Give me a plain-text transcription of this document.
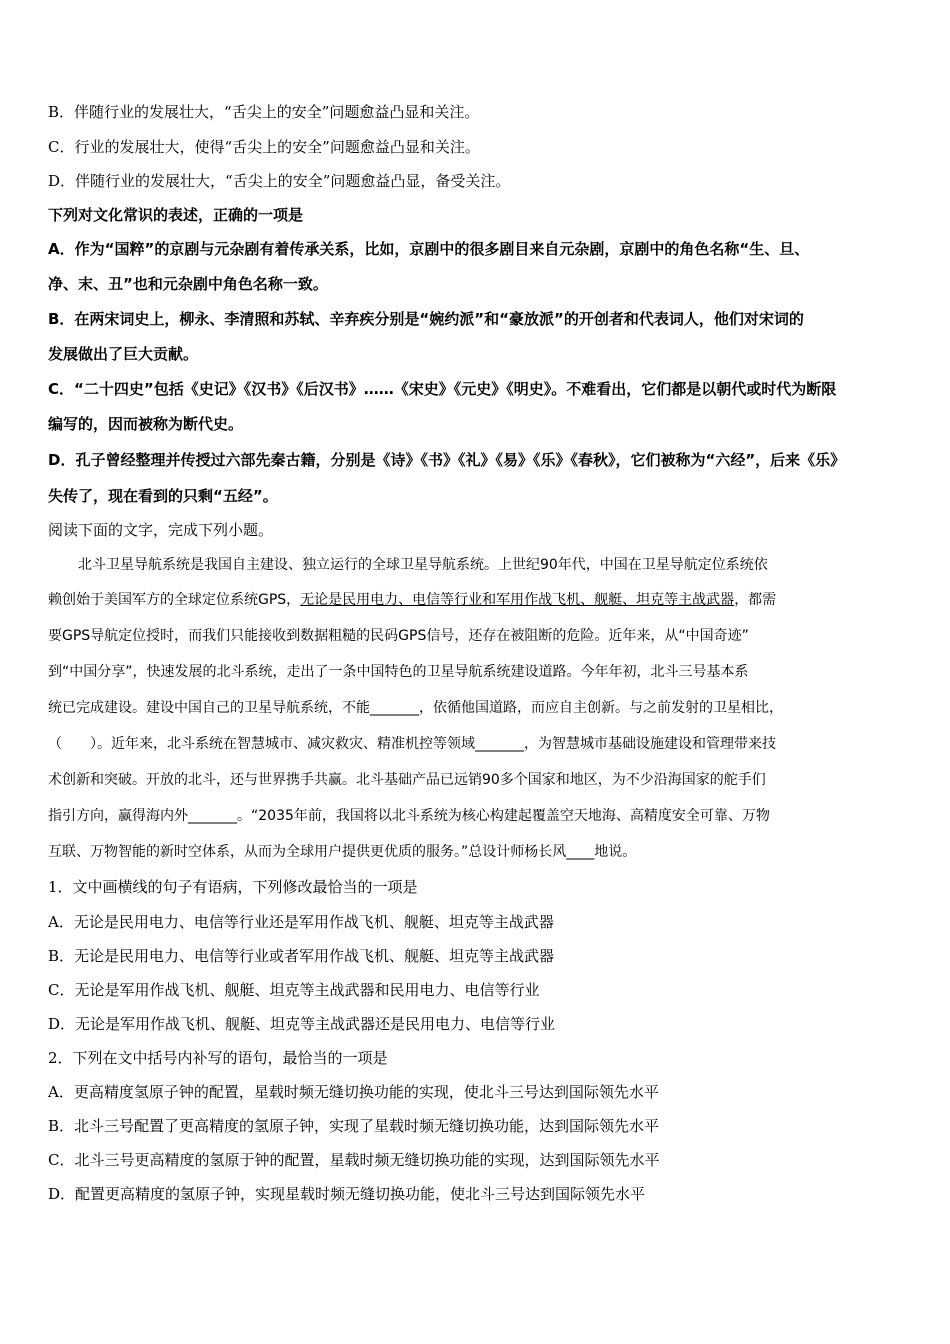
B．伴随行业的发展壮大，“舌尖上的安全”问题愈益凸显和关注。
C．行业的发展壮大，使得“舌尖上的安全”问题愈益凸显和关注。
D．伴随行业的发展壮大，“舌尖上的安全”问题愈益凸显，备受关注。
下列对文化常识的表述，正确的一项是
A．作为“国粹”的京剧与元杂剧有着传承关系，比如，京剧中的很多剧目来自元杂剧，京剧中的角色名称“生、旦、
净、末、丑”也和元杂剧中角色名称一致。
B．在两宋词史上，柳永、李清照和苏轼、辛弃疾分别是“婉约派”和“豪放派”的开创者和代表词人，他们对宋词的
发展做出了巨大贡献。
C．“二十四史”包括《史记》《汉书》《后汉书》……《宋史》《元史》《明史》。不难看出，它们都是以朝代或时代为断限
编写的，因而被称为断代史。
D．孔子曾经整理并传授过六部先秦古籍，分别是《诗》《书》《礼》《易》《乐》《春秋》，它们被称为“六经”，后来《乐》
失传了，现在看到的只剩“五经”。
阅读下面的文字，完成下列小题。
北斗卫星导航系统是我国自主建设、独立运行的全球卫星导航系统。上世纪90年代，中国在卫星导航定位系统依
赖创始于美国军方的全球定位系统GPS，无论是民用电力、电信等行业和军用作战飞机、舰艇、坦克等主战武器，都需
要GPS导航定位授时，而我们只能接收到数据粗糙的民码GPS信号，还存在被阻断的危险。近年来，从“中国奇迹”
到“中国分享”，快速发展的北斗系统，走出了一条中国特色的卫星导航系统建设道路。今年年初，北斗三号基本系
统已完成建设。建设中国自己的卫星导航系统，不能_______，依循他国道路，而应自主创新。与之前发射的卫星相比，
（　　）。近年来，北斗系统在智慧城市、减灾救灾、精准机控等领域_______，为智慧城市基础设施建设和管理带来技
术创新和突破。开放的北斗，还与世界携手共赢。北斗基础产品已远销90多个国家和地区，为不少沿海国家的舵手们
指引方向，赢得海内外_______。“2035年前，我国将以北斗系统为核心构建起覆盖空天地海、高精度安全可靠、万物
互联、万物智能的新时空体系，从而为全球用户提供更优质的服务。”总设计师杨长风____地说。
1．文中画横线的句子有语病，下列修改最恰当的一项是
A．无论是民用电力、电信等行业还是军用作战飞机、舰艇、坦克等主战武器
B．无论是民用电力、电信等行业或者军用作战飞机、舰艇、坦克等主战武器
C．无论是军用作战飞机、舰艇、坦克等主战武器和民用电力、电信等行业
D．无论是军用作战飞机、舰艇、坦克等主战武器还是民用电力、电信等行业
2．下列在文中括号内补写的语句，最恰当的一项是
A．更高精度氢原子钟的配置，星载时频无缝切换功能的实现，使北斗三号达到国际领先水平
B．北斗三号配置了更高精度的氢原子钟，实现了星载时频无缝切换功能，达到国际领先水平
C．北斗三号更高精度的氢原于钟的配置，星载时频无缝切换功能的实现，达到国际领先水平
D．配置更高精度的氢原子钟，实现星载时频无缝切换功能，使北斗三号达到国际领先水平
